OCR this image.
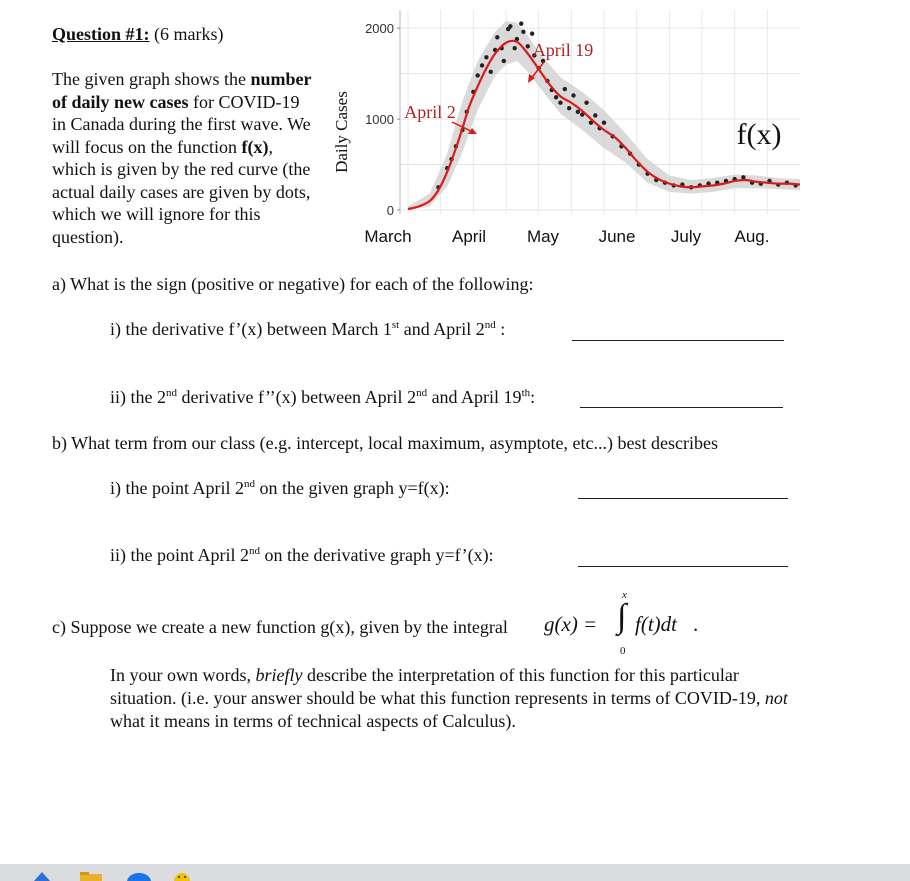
Question #1: (6 marks)
The given graph shows the number of daily new cases for COVID-19 in Canada during the first wave. We will focus on the function f(x), which is given by the red curve (the actual daily cases are given by dots, which we will ignore for this question).
0
1000
2000
March April May June July Aug.
Daily Cases	f(x)
April 2
April 19
a) What is the sign (positive or negative) for each of the following:
i) the derivative f’(x) between March 1st and April 2nd :
ii) the 2nd derivative f’’(x) between April 2nd and April 19th:
b) What term from our class (e.g. intercept, local maximum, asymptote, etc...) best describes
i) the point April 2nd on the given graph y=f(x):
ii) the point April 2nd on the derivative graph y=f’(x):
c) Suppose we create a new function g(x), given by the integral g(x) =
x
∫
0
f(t)dt .
In your own words, briefly describe the interpretation of this function for this particular situation. (i.e. your answer should be what this function represents in terms of COVID-19, not what it means in terms of technical aspects of Calculus).
